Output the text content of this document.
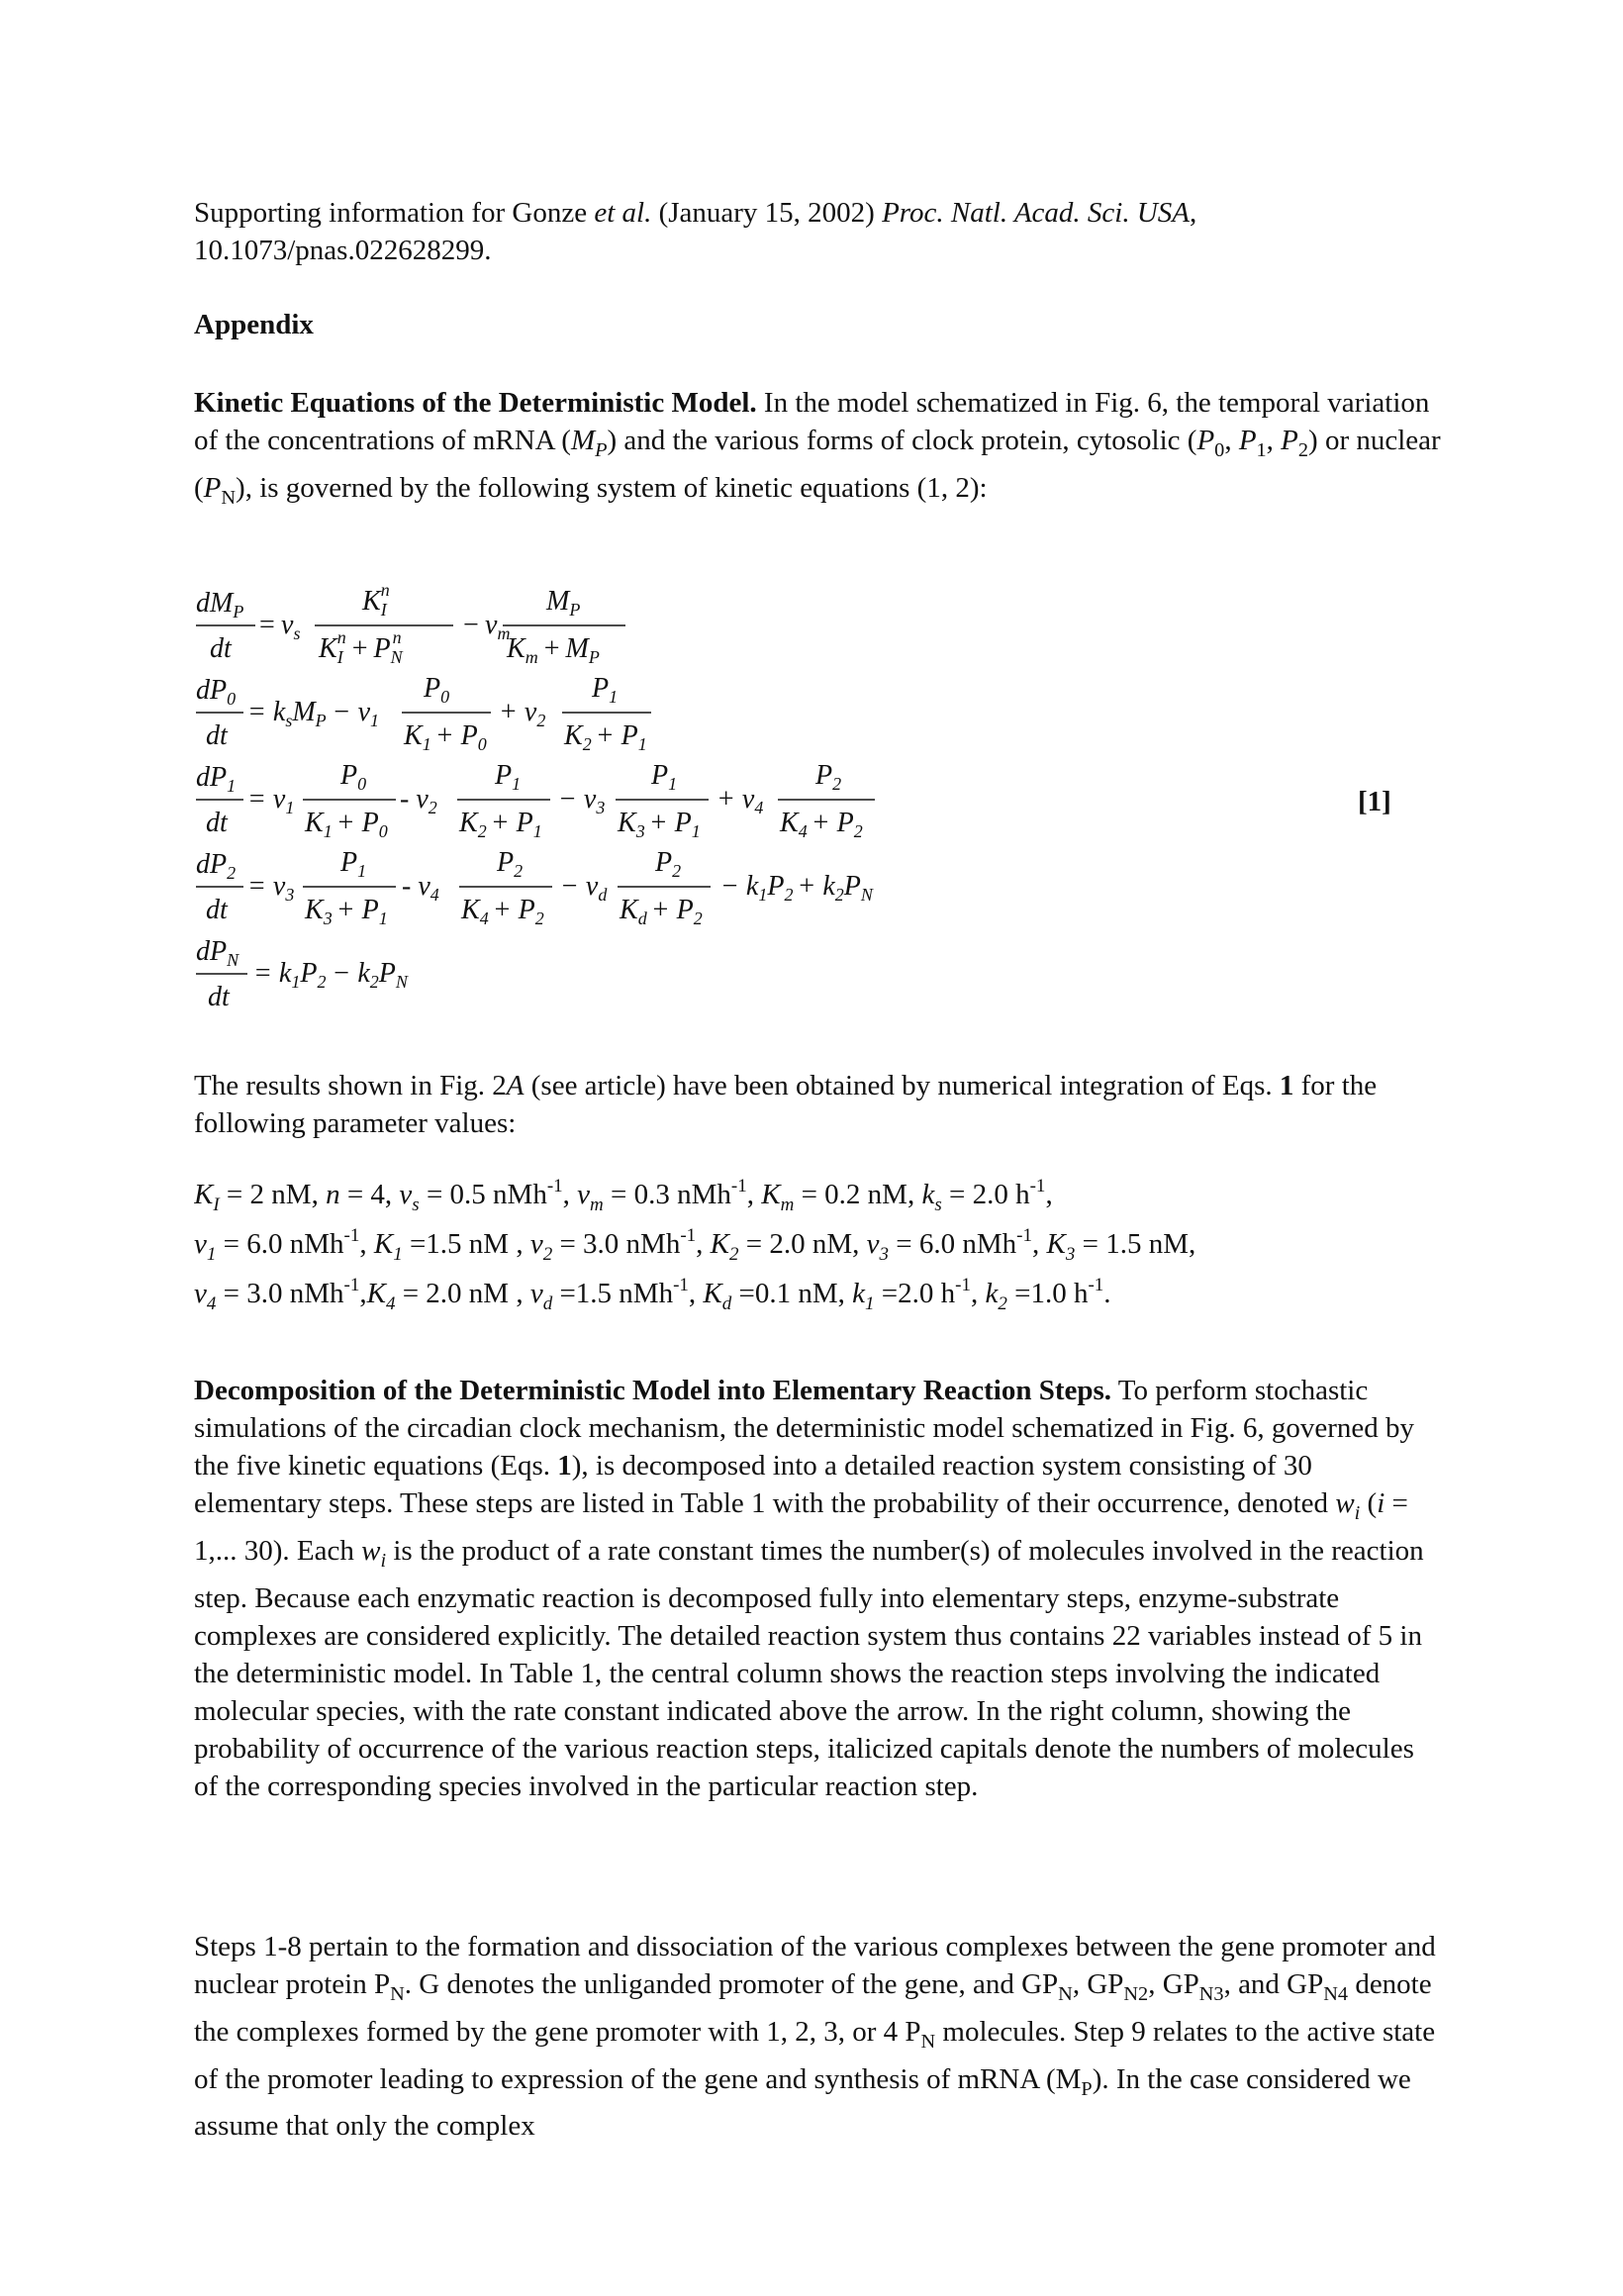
Supporting information for Gonze et al. (January 15, 2002) Proc. Natl. Acad. Sci. USA,
10.1073/pnas.022628299.

Appendix

Kinetic Equations of the Deterministic Model. In the model schematized in Fig. 6, the temporal variation of the concentrations of mRNA $(M_P)$ and the various forms of clock protein, cytosolic ($P_0$, $P_1$, $P_2$) or nuclear $(P_N)$, is governed by the following system of kinetic equations (1, 2):

$dM_P$
dt
= $v_s$
$K_In$
$K_In + P_Nn - v_m$
$M_P$
$K_m + M_P$
$dP_0$
dt
= $k_sM_P - v_1$
$P_0$
$K_1 + P_0$
+ $v_2$
$P_1$
$K_2 + P_1$
$dP_1$
dt
= $v_1$
$P_0$
$K_1 + P_0$
- $v_2$
$P_1$
$K_2 + P_1$
− $v_3$
$P_1$
$K_3 + P_1$
+ $v_4$
$P_2$
$K_4 + P_2$
$dP_2$
dt
= $v_3$
$P_1$
$K_3 + P_1$
- $v_4$
$P_2$
$K_4 + P_2$
− $v_d$
$P_2$
$K_d + P_2$
− $k_1P_2 + k_2P_N$
$dP_N$
dt
= $k_1P_2 - k_2P_N$
[1]

The results shown in Fig. 2A (see article) have been obtained by numerical integration of Eqs. 1 for the following parameter values:

$K_I = 2$ nM, n = 4, $v_s = 0.5$ nMh$^{-1}$, $v_m = 0.3$ nMh$^{-1}$, $K_m = 0.2$ nM, $k_s = 2.0$ $h^{-1}$,
$v_1 = 6.0$ nMh$^{-1}$, $K_1 =1.5$ nM , $v_2 = 3.0$ nMh$^{-1}$, $K_2 = 2.0$ nM, $v_3 = 6.0$ nMh$^{-1}$, $K_3 = 1.5$ nM,
$v_4 = 3.0$ $nMh^{-1},K_4 = 2.0$ nM , $v_d =1.5$ nMh$^{-1}$, $K_d =0.1$ nM, $k_1 =2.0$ $h^{-1}$, $k_2 =1.0$ $h^{-1}$.

Decomposition of the Deterministic Model into Elementary Reaction Steps. To perform stochastic simulations of the circadian clock mechanism, the deterministic model schematized in Fig. 6, governed by the five kinetic equations (Eqs. 1), is decomposed into a detailed reaction system consisting of 30 elementary steps. These steps are listed in Table 1 with the probability of their occurrence, denoted $w_i$ (i = 1,... 30). Each $w_i$ is the product of a rate constant times the number(s) of molecules involved in the reaction step. Because each enzymatic reaction is decomposed fully into elementary steps, enzyme-substrate complexes are considered explicitly. The detailed reaction system thus contains 22 variables instead of 5 in the deterministic model. In Table 1, the central column shows the reaction steps involving the indicated molecular species, with the rate constant indicated above the arrow. In the right column, showing the probability of occurrence of the various reaction steps, italicized capitals denote the numbers of molecules of the corresponding species involved in the particular reaction step.

Steps 1-8 pertain to the formation and dissociation of the various complexes between the gene promoter and nuclear protein $P_N$. G denotes the unliganded promoter of the gene, and $GP_N$, $GP_{N2}$, $GP_{N3}$, and $GP_{N4}$ denote the complexes formed by the gene promoter with 1, 2, 3, or 4 $P_N$ molecules. Step 9 relates to the active state of the promoter leading to expression of the gene and synthesis of mRNA $(M_P)$. In the case considered we assume that only the complex
